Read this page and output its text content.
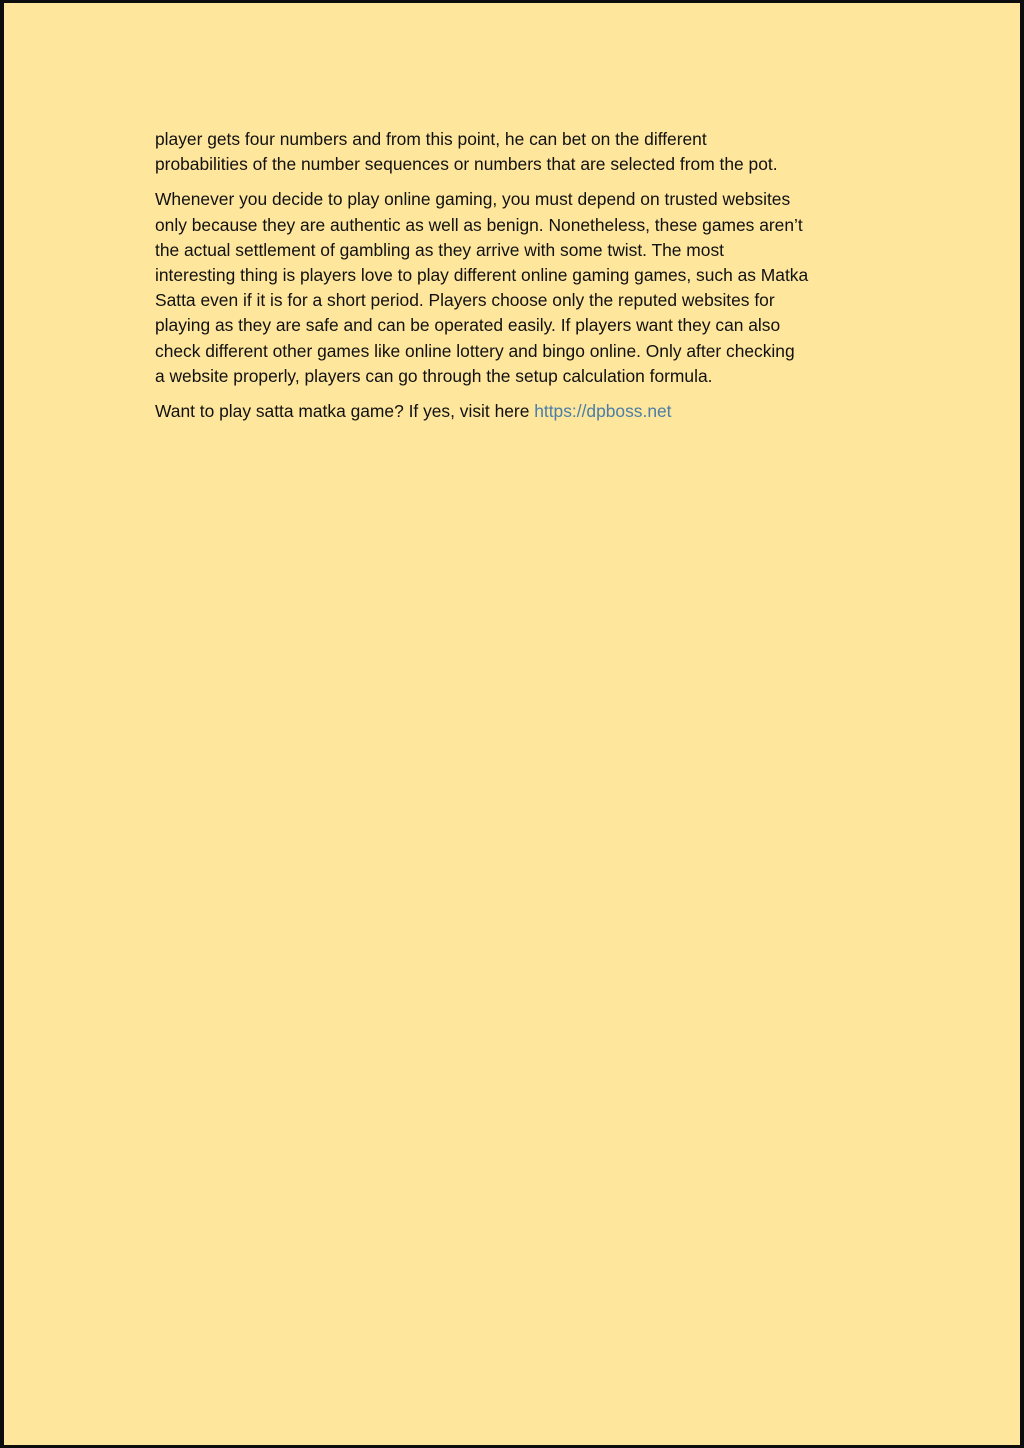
player gets four numbers and from this point, he can bet on the different
probabilities of the number sequences or numbers that are selected from the pot.

Whenever you decide to play online gaming, you must depend on trusted websites
only because they are authentic as well as benign. Nonetheless, these games aren’t
the actual settlement of gambling as they arrive with some twist. The most
interesting thing is players love to play different online gaming games, such as Matka
Satta even if it is for a short period. Players choose only the reputed websites for
playing as they are safe and can be operated easily. If players want they can also
check different other games like online lottery and bingo online. Only after checking
a website properly, players can go through the setup calculation formula.

Want to play satta matka game? If yes, visit here https://dpboss.net
